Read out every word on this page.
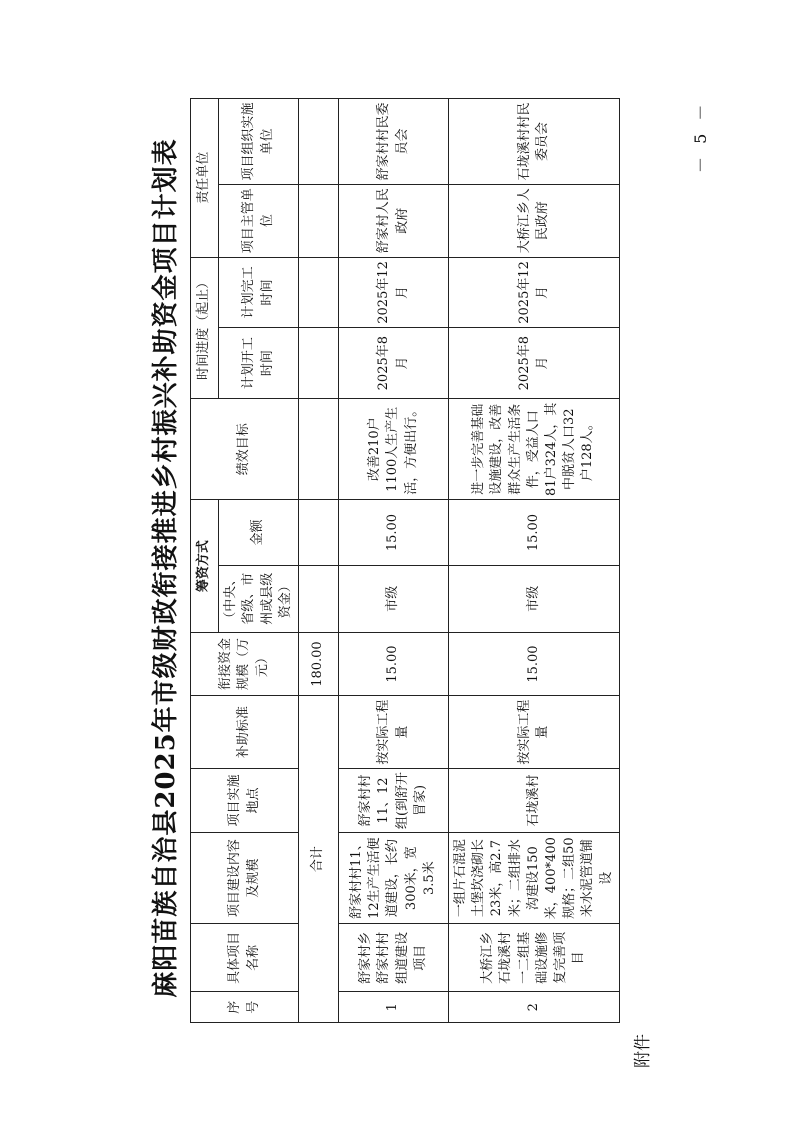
附件
麻阳苗族自治县2025年市级财政衔接推进乡村振兴补助资金项目计划表
－ 5 －
序号	具体项目名称	项目建设内容及规模	项目实施地点	补助标准	衔接资金规模（万元）	筹资方式		绩效目标	时间进度（起止）		责任单位	
						（中央、省级、市州或县级资金）	金额		计划开工时间	计划完工时间	项目主管单位	项目组织实施单位

合计					180.00							
1	舒家村乡舒家村村组道建设项目	舒家村村11、12生产生活便道建设，长约300米，宽3.5米	舒家村村11、12组(到舒开冒家)	按实际工程量	15.00	市级	15.00	改善210户1100人生产生活，方便出行。	2025年8月	2025年12月	舒家村人民政府	舒家村村民委员会
2	大桥江乡石垅溪村一二组基础设施修复完善项目	一组片石混泥土堡坎浇砌长23米，高2.7米；二组排水沟建设150米，400*400规格；二组50米水泥管道铺设	石垅溪村	按实际工程量	15.00	市级	15.00	进一步完善基础设施建设，改善群众生产生活条件，受益人口81户324人，其中脱贫人口32户128人。	2025年8月	2025年12月	大桥江乡人民政府	石垅溪村村民委员会
